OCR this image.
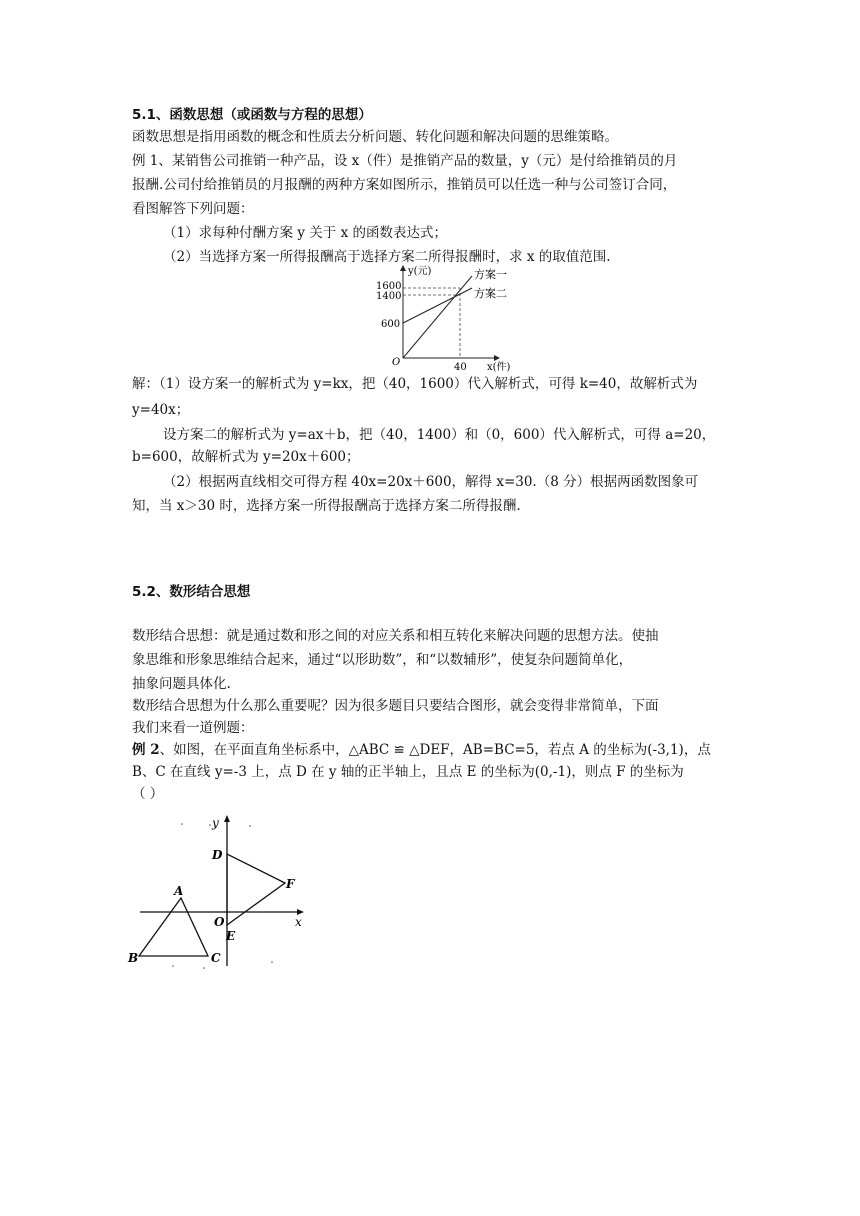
5.1、函数思想（或函数与方程的思想）
函数思想是指用函数的概念和性质去分析问题、转化问题和解决问题的思维策略。
例 1、某销售公司推销一种产品，设 x（件）是推销产品的数量，y（元）是付给推销员的月
报酬.公司付给推销员的月报酬的两种方案如图所示，推销员可以任选一种与公司签订合同，
看图解答下列问题：
（1）求每种付酬方案 y 关于 x 的函数表达式；
（2）当选择方案一所得报酬高于选择方案二所得报酬时，求 x 的取值范围.
y(元)
x(件)
O
1600
1400
600
40
方案一
方案二
解：（1）设方案一的解析式为 y=kx，把（40，1600）代入解析式，可得 k=40，故解析式为
y=40x；
设方案二的解析式为 y=ax＋b，把（40，1400）和（0，600）代入解析式，可得 a=20，
b=600，故解析式为 y=20x＋600；
（2）根据两直线相交可得方程 40x=20x＋600，解得 x=30.（8 分）根据两函数图象可
知，当 x＞30 时，选择方案一所得报酬高于选择方案二所得报酬.
5.2、数形结合思想
数形结合思想：就是通过数和形之间的对应关系和相互转化来解决问题的思想方法。使抽
象思维和形象思维结合起来，通过“以形助数”，和“以数辅形”，使复杂问题简单化，
抽象问题具体化.
数形结合思想为什么那么重要呢？因为很多题目只要结合图形，就会变得非常简单，下面
我们来看一道例题：
例 2、如图，在平面直角坐标系中，△ABC ≌ △DEF，AB=BC=5，若点 A 的坐标为(-3,1)，点
B、C 在直线 y=-3 上，点 D 在 y 轴的正半轴上，且点 E 的坐标为(0,-1)，则点 F 的坐标为
（ ）
y
x
O
A
B	C
D
E
F
